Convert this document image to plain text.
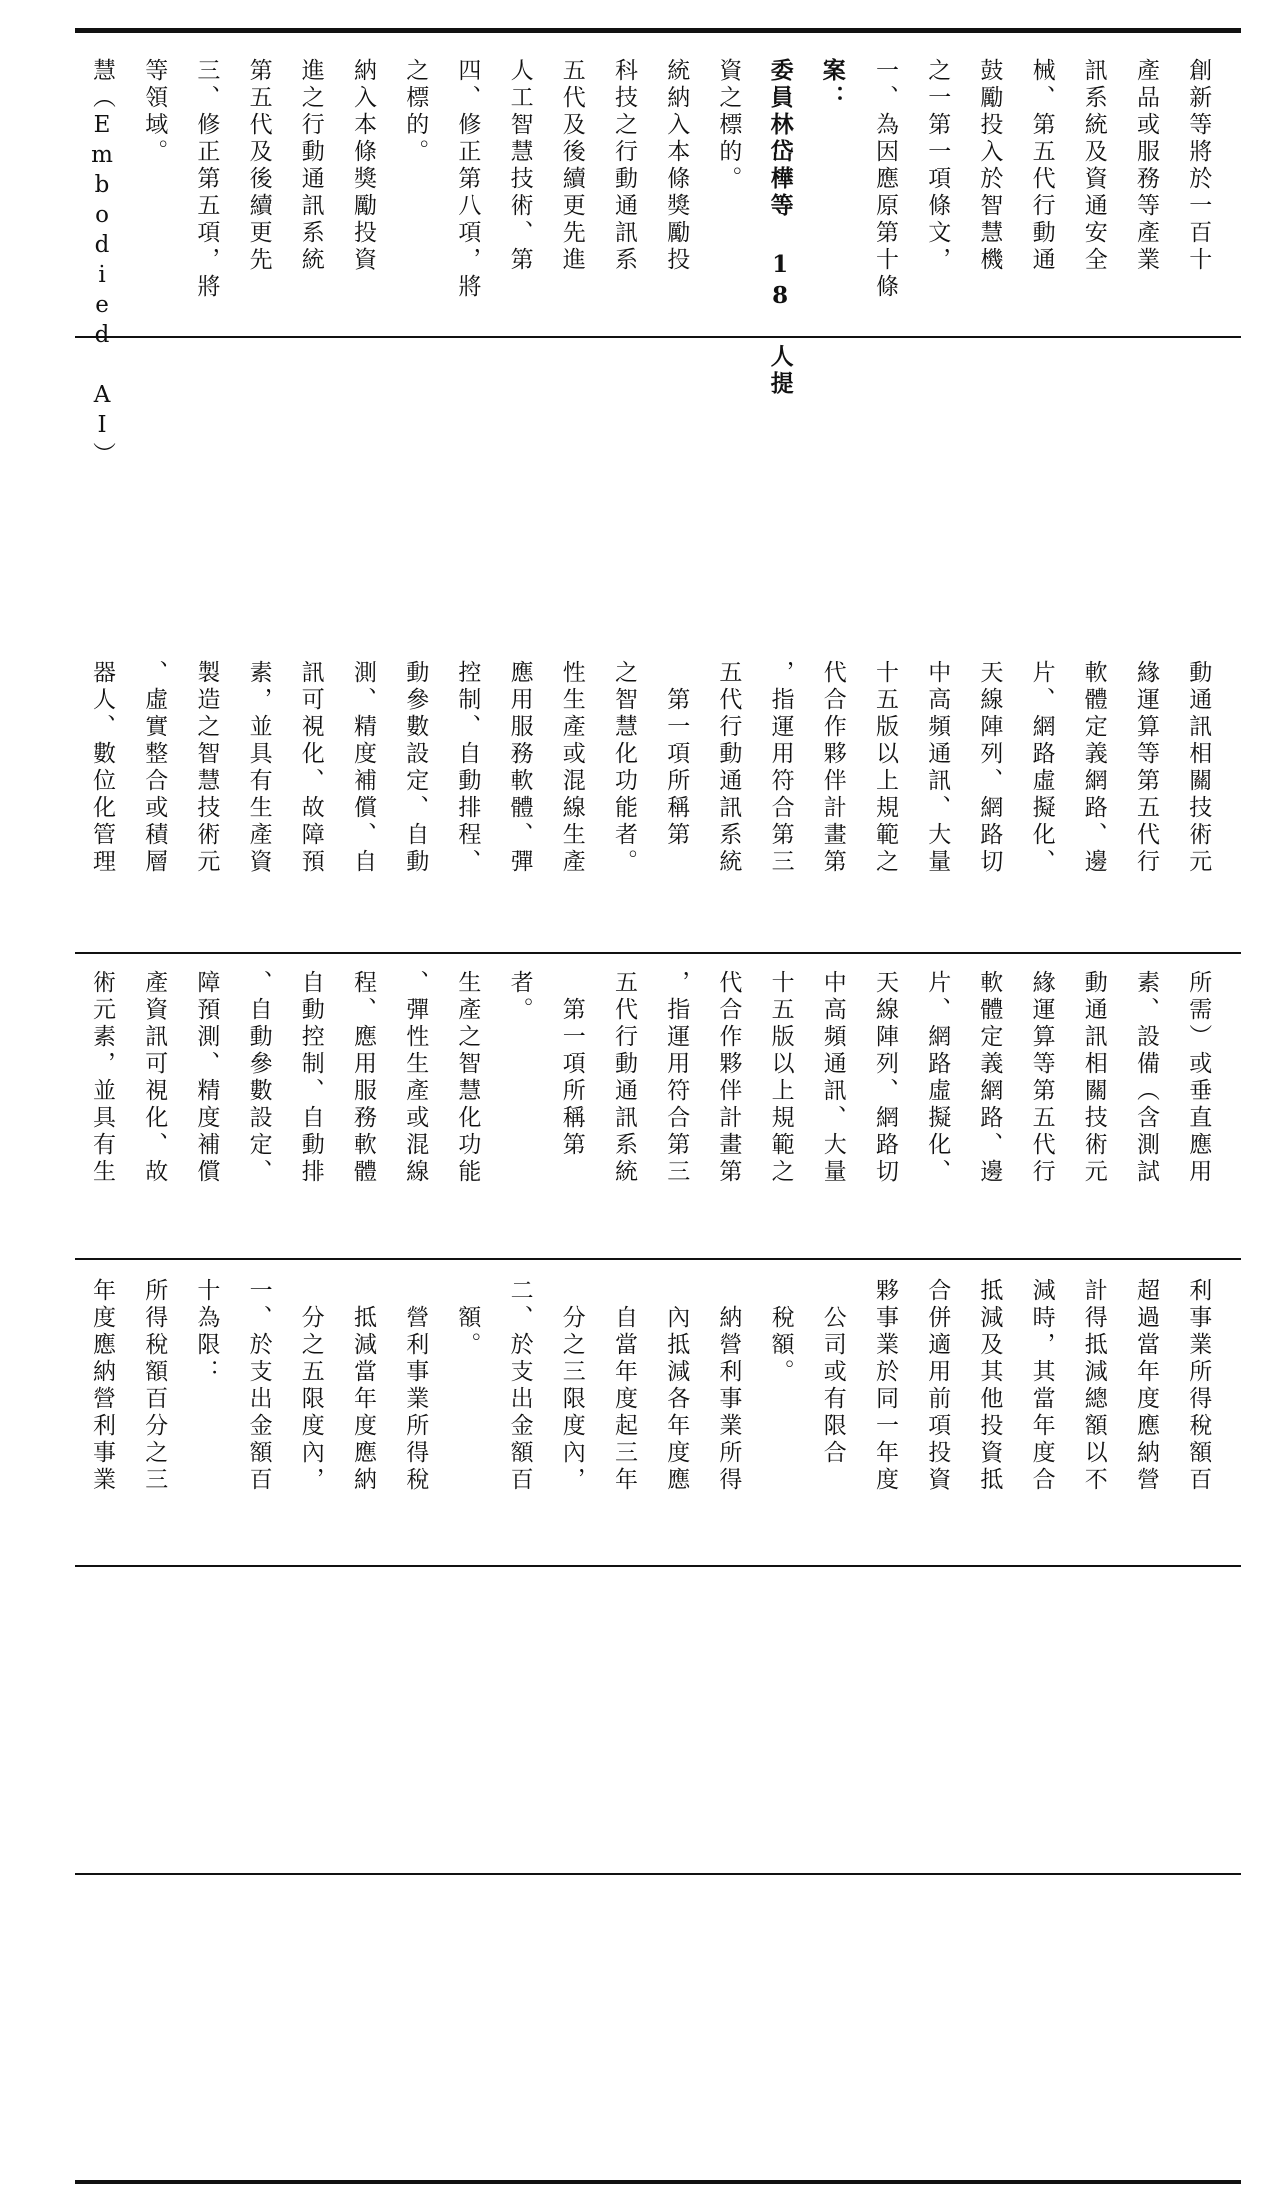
慧（Embodied AI） 等領域。 三、修正第五項，將 第五代及後續更先 進之行動通訊系統 納入本條獎勵投資 之標的。 四、修正第八項，將 人工智慧技術、第 五代及後續更先進 科技之行動通訊系 統納入本條獎勵投 資之標的。 委員林岱樺等 18 人提 案： 一、為因應原第十條 之一第一項條文， 鼓勵投入於智慧機 械、第五代行動通 訊系統及資通安全 產品或服務等產業 創新等將於一百十
器人、數位化管理 、虛實整合或積層 製造之智慧技術元 素，並具有生產資 訊可視化、故障預 測、精度補償、自 動參數設定、自動 控制、自動排程、 應用服務軟體、彈 性生產或混線生產 之智慧化功能者。 　第一項所稱第 五代行動通訊系統 ，指運用符合第三 代合作夥伴計畫第 十五版以上規範之 中高頻通訊、大量 天線陣列、網路切 片、網路虛擬化、 軟體定義網路、邊 緣運算等第五代行 動通訊相關技術元
術元素，並具有生 產資訊可視化、故 障預測、精度補償 、自動參數設定、 自動控制、自動排 程、應用服務軟體 、彈性生產或混線 生產之智慧化功能 者。 　第一項所稱第 五代行動通訊系統 ，指運用符合第三 代合作夥伴計畫第 十五版以上規範之 中高頻通訊、大量 天線陣列、網路切 片、網路虛擬化、 軟體定義網路、邊 緣運算等第五代行 動通訊相關技術元 素、設備（含測試 所需）或垂直應用
年度應納營利事業 所得稅額百分之三 十為限： 一、於支出金額百 　分之五限度內， 　抵減當年度應納 　營利事業所得稅 　額。 二、於支出金額百 　分之三限度內， 　自當年度起三年 　內抵減各年度應 　納營利事業所得 　稅額。 　公司或有限合 夥事業於同一年度 合併適用前項投資 抵減及其他投資抵 減時，其當年度合 計得抵減總額以不 超過當年度應納營 利事業所得稅額百
